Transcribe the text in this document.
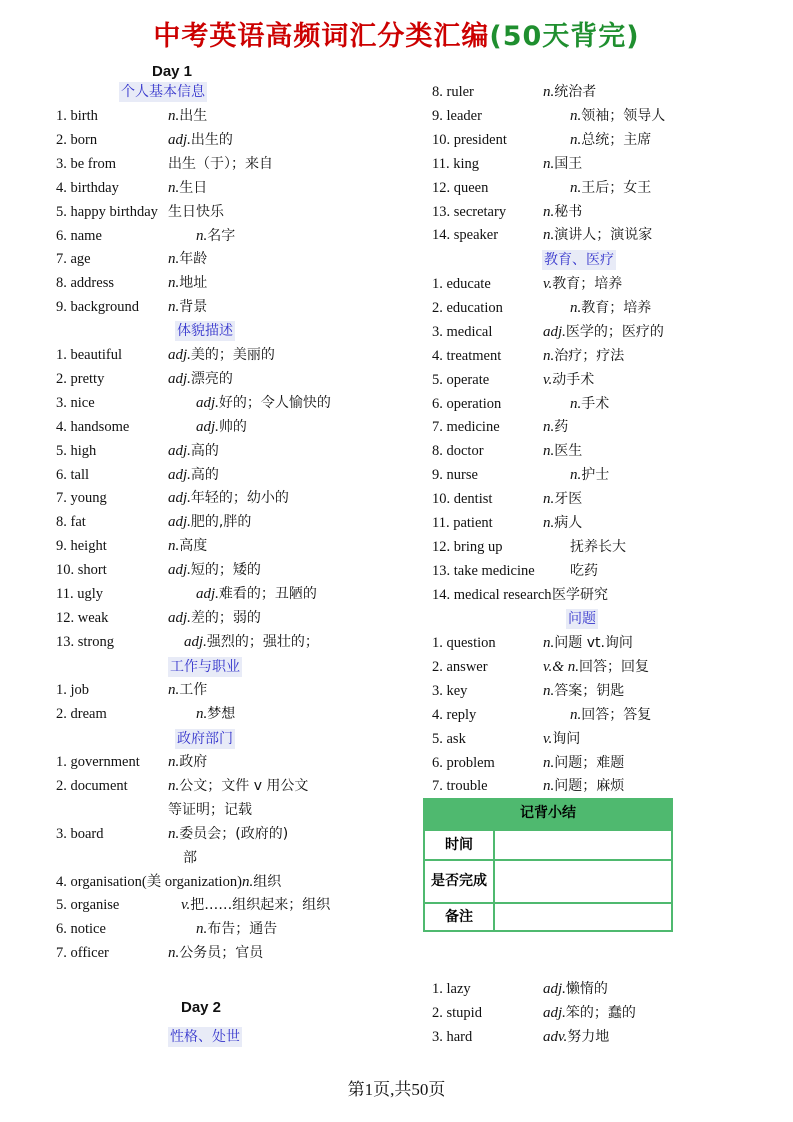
中考英语高频词汇分类汇编(50天背完)
Day 1
Day 2
个人基本信息
体貌描述
工作与职业
政府部门
教育、医疗
问题
性格、处世
1. birth	n.出生
2. born	adj.出生的
3. be from	出生（于）；来自
4. birthday	n.生日
5. happy birthday 生日快乐
6. name	n.名字
7. age	n.年龄
8. address	n.地址
9. background n.背景
1. beautiful	adj.美的；美丽的
2. pretty	adj.漂亮的
3. nice	adj.好的；令人愉快的
4. handsome	adj.帅的
5. high	adj.高的
6. tall	adj.高的
7. young	adj.年轻的；幼小的
8. fat	adj.肥的,胖的
9. height	n.高度
10. short	adj.短的；矮的
11. ugly	adj.难看的；丑陋的
12. weak	adj.差的；弱的
13. strong	adj.强烈的；强壮的；
1. job	n.工作
2. dream	n.梦想
1. government n.政府
2. document	n.公文；文件 v 用公文
等证明；记载
3. board	n.委员会；(政府的)
部
4. organisation(美 organization) n.组织
5. organise	v.把……组织起来；组织
6. notice	n.布告；通告
7. officer	n.公务员；官员
8. ruler	n.统治者
9. leader	n.领袖；领导人
10. president	n.总统；主席
11. king	n.国王
12. queen	n.王后；女王
13. secretary n.秘书
14. speaker	n.演讲人；演说家
1. educate	v.教育；培养
2. education	n.教育；培养
3. medical	adj.医学的；医疗的
4. treatment	n.治疗；疗法
5. operate	v.动手术
6. operation	n.手术
7. medicine	n.药
8. doctor	n.医生
9. nurse	n.护士
10. dentist	n.牙医
11. patient	n.病人
12. bring up	抚养长大
13. take medicine	吃药
14. medical research 医学研究
1. question	n.问题 vt.询问
2. answer	v.& n.回答；回复
3. key	n.答案；钥匙
4. reply	n.回答；答复
5. ask	v.询问
6. problem	n.问题；难题
7. trouble	n.问题；麻烦
1. lazy	adj.懒惰的
2. stupid	adj.笨的；蠢的
3. hard	adv.努力地
记背小结
时间
是否完成
备注
第1页,共50页
